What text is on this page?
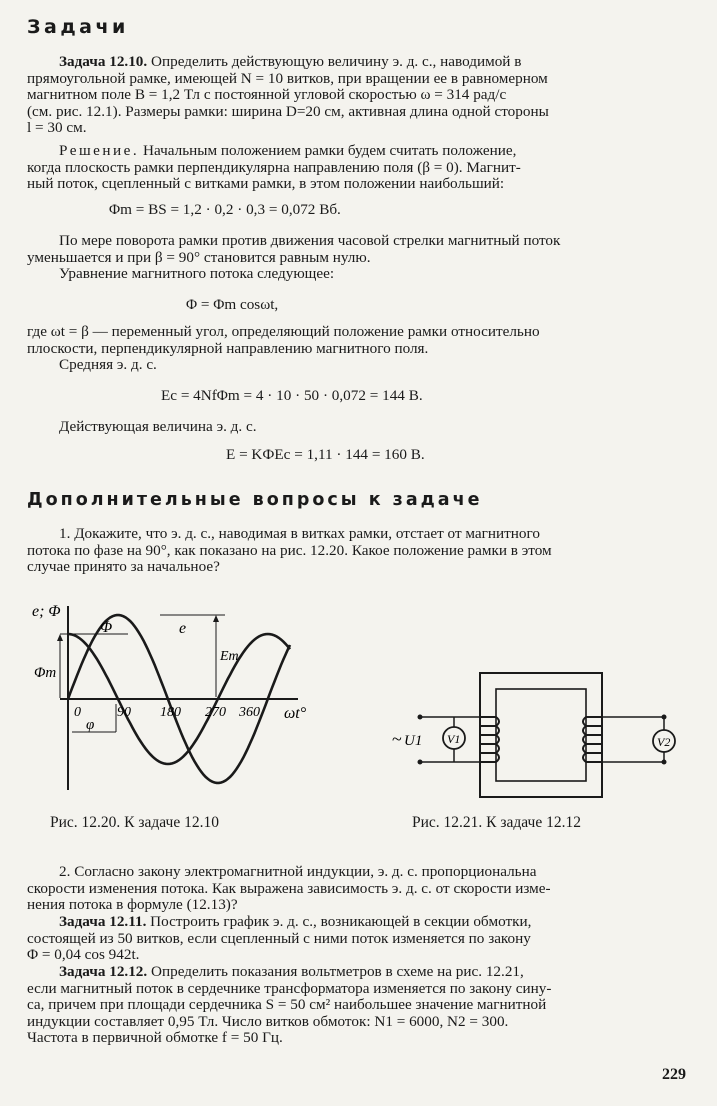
Задачи
Задача 12.10. Определить действующую величину э. д. с., наводимой в
прямоугольной рамке, имеющей N = 10 витков, при вращении ее в равномерном
магнитном поле B = 1,2 Тл с постоянной угловой скоростью ω = 314 рад/с
(см. рис. 12.1). Размеры рамки: ширина D=20 см, активная длина одной стороны
l = 30 см.
Решение. Начальным положением рамки будем считать положение,
когда плоскость рамки перпендикулярна направлению поля (β = 0). Магнит-
ный поток, сцепленный с витками рамки, в этом положении наибольший:
Φm = BS = 1,2 · 0,2 · 0,3 = 0,072 Вб.
По мере поворота рамки против движения часовой стрелки магнитный поток
уменьшается и при β = 90° становится равным нулю.
Уравнение магнитного потока следующее:
Φ = Φm cosωt,
где ωt = β — переменный угол, определяющий положение рамки относительно
плоскости, перпендикулярной направлению магнитного поля.
Средняя э. д. с.
Eс = 4NfΦm = 4 · 10 · 50 · 0,072 = 144 В.
Действующая величина э. д. с.
E = KФEс = 1,11 · 144 = 160 В.
Дополнительные вопросы к задаче
1. Докажите, что э. д. с., наводимая в витках рамки, отстает от магнитного
потока по фазе на 90°, как показано на рис. 12.20. Какое положение рамки в этом
случае принято за начальное?
0	90 180 270 360
e; Φ
ωt°
Φ	e
Φm
Em
φ
V1
~ U1	V2
Рис. 12.20. К задаче 12.10	Рис. 12.21. К задаче 12.12
2. Согласно закону электромагнитной индукции, э. д. с. пропорциональна
скорости изменения потока. Как выражена зависимость э. д. с. от скорости изме-
нения потока в формуле (12.13)?
Задача 12.11. Построить график э. д. с., возникающей в секции обмотки,
состоящей из 50 витков, если сцепленный с ними поток изменяется по закону
Φ = 0,04 cos 942t.
Задача 12.12. Определить показания вольтметров в схеме на рис. 12.21,
если магнитный поток в сердечнике трансформатора изменяется по закону сину-
са, причем при площади сердечника S = 50 см² наибольшее значение магнитной
индукции составляет 0,95 Тл. Число витков обмоток: N1 = 6000, N2 = 300.
Частота в первичной обмотке f = 50 Гц.
229
